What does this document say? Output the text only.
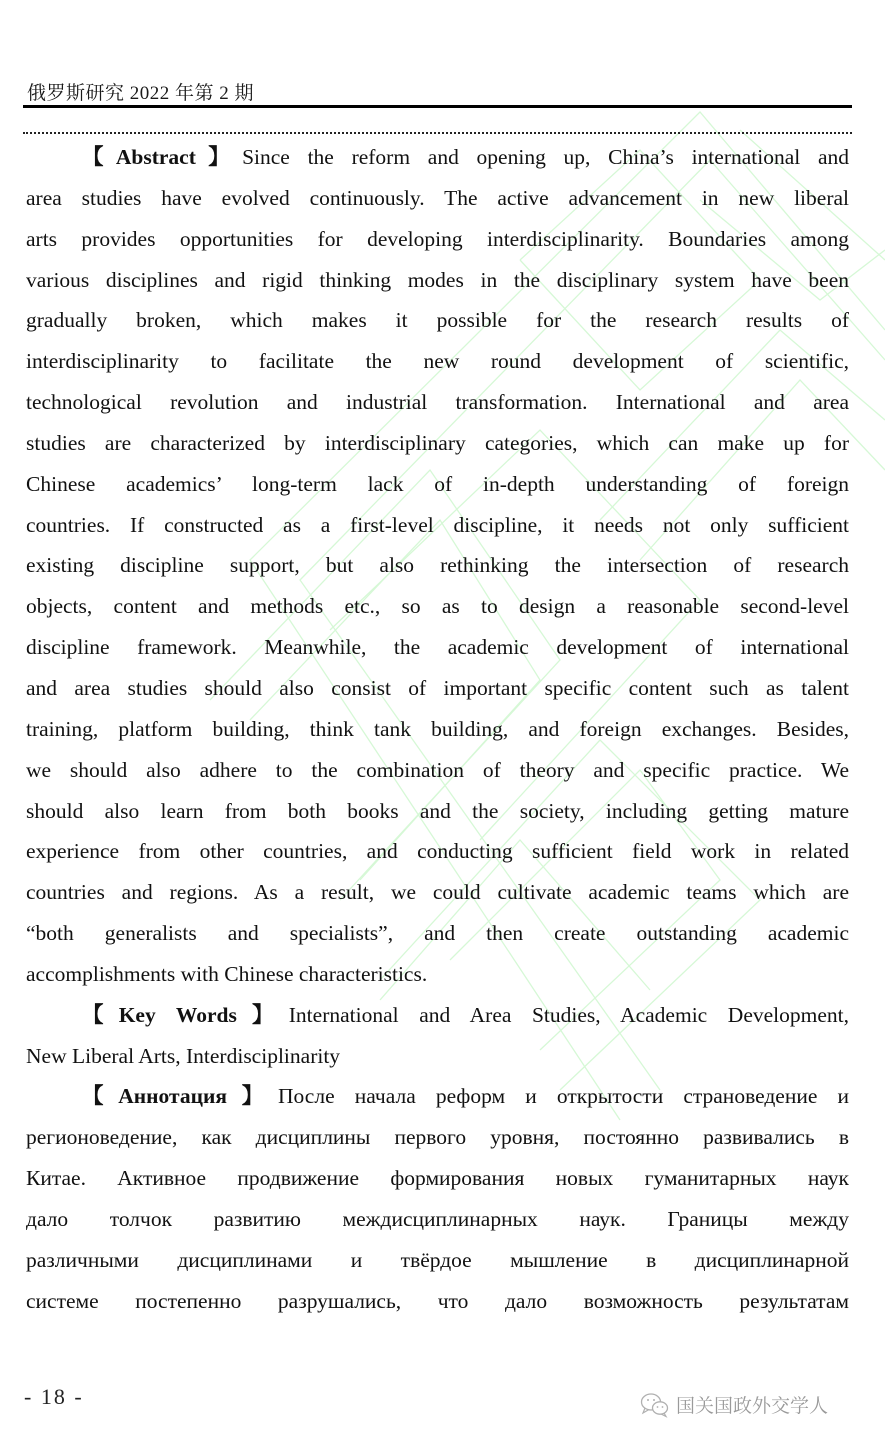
俄罗斯研究 2022 年第 2 期
【Abstract】Since the reform and opening up, China’s international and
area studies have evolved continuously. The active advancement in new liberal
arts provides opportunities for developing interdisciplinarity. Boundaries among
various disciplines and rigid thinking modes in the disciplinary system have been
gradually broken, which makes it possible for the research results of
interdisciplinarity to facilitate the new round development of scientific,
technological revolution and industrial transformation. International and area
studies are characterized by interdisciplinary categories, which can make up for
Chinese academics’ long-term lack of in-depth understanding of foreign
countries. If constructed as a first-level discipline, it needs not only sufficient
existing discipline support, but also rethinking the intersection of research
objects, content and methods etc., so as to design a reasonable second-level
discipline framework. Meanwhile, the academic development of international
and area studies should also consist of important specific content such as talent
training, platform building, think tank building, and foreign exchanges. Besides,
we should also adhere to the combination of theory and specific practice. We
should also learn from both books and the society, including getting mature
experience from other countries, and conducting sufficient field work in related
countries and regions. As a result, we could cultivate academic teams which are
“both generalists and specialists”, and then create outstanding academic
accomplishments with Chinese characteristics.
【Key Words】International and Area Studies, Academic Development,
New Liberal Arts, Interdisciplinarity
【Аннотация】После начала реформ и открытости страноведение и
регионоведение, как дисциплины первого уровня, постоянно развивались в
Китае. Активное продвижение формирования новых гуманитарных наук
дало толчок развитию междисциплинарных наук. Границы между
различными дисциплинами и твёрдое мышление в дисциплинарной
системе постепенно разрушались, что дало возможность результатам
- 18 -	国关国政外交学人
